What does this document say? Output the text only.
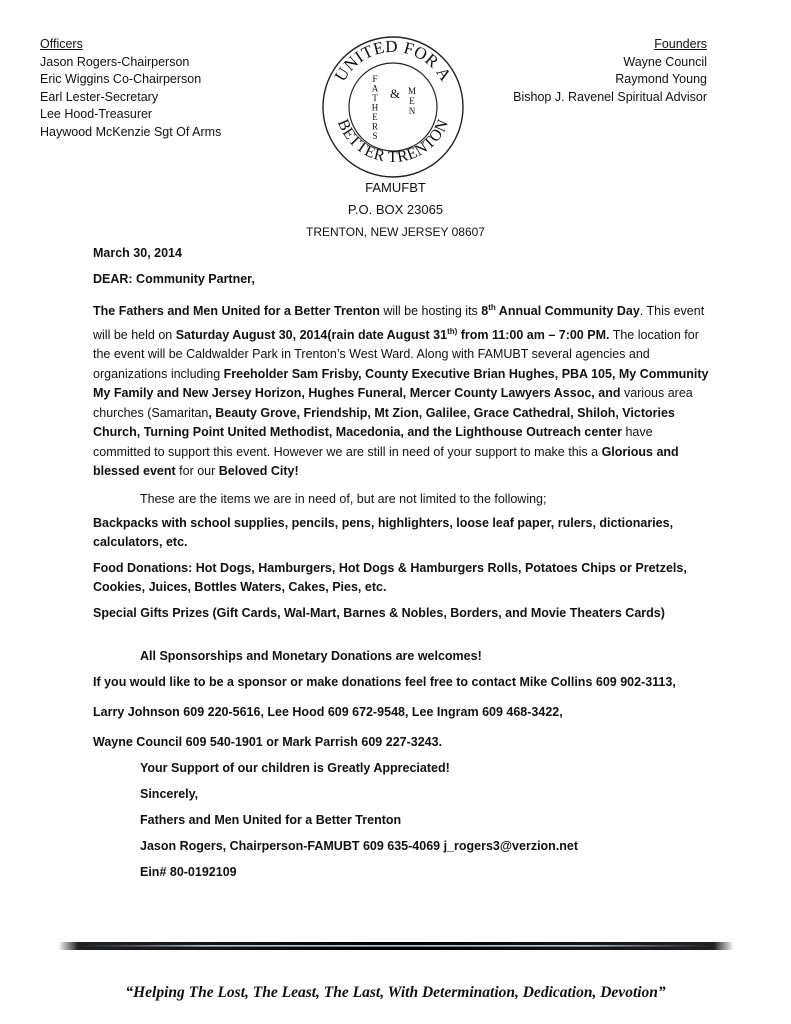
Officers
Jason Rogers-Chairperson
Eric Wiggins Co-Chairperson
Earl Lester-Secretary
Lee Hood-Treasurer
Haywood McKenzie Sgt Of Arms
Founders
Wayne Council
Raymond Young
Bishop J. Ravenel Spiritual Advisor
UNITED FOR A
BETTER TRENTON
F A T H E R S
& M E N
FAMUFBT
P.O. BOX 23065
TRENTON, NEW JERSEY 08607

March 30, 2014

DEAR: Community Partner,

The Fathers and Men United for a Better Trenton will be hosting its 8th Annual Community Day. This event will be held on Saturday August 30, 2014(rain date August $31^{th)}$ from 11:00 am – 7:00 PM. The location for the event will be Caldwalder Park in Trenton’s West Ward. Along with FAMUBT several agencies and organizations including Freeholder Sam Frisby, County Executive Brian Hughes, PBA 105, My Community My Family and New Jersey Horizon, Hughes Funeral, Mercer County Lawyers Assoc, and various area churches (Samaritan, Beauty Grove, Friendship, Mt Zion, Galilee, Grace Cathedral, Shiloh, Victories Church, Turning Point United Methodist, Macedonia, and the Lighthouse Outreach center have committed to support this event. However we are still in need of your support to make this a Glorious and blessed event for our Beloved City!

These are the items we are in need of, but are not limited to the following;

Backpacks with school supplies, pencils, pens, highlighters, loose leaf paper, rulers, dictionaries, calculators, etc.

Food Donations: Hot Dogs, Hamburgers, Hot Dogs & Hamburgers Rolls, Potatoes Chips or Pretzels, Cookies, Juices, Bottles Waters, Cakes, Pies, etc.

Special Gifts Prizes (Gift Cards, Wal-Mart, Barnes & Nobles, Borders, and Movie Theaters Cards)

All Sponsorships and Monetary Donations are welcomes!

If you would like to be a sponsor or make donations feel free to contact Mike Collins 609 902-3113,

Larry Johnson 609 220-5616, Lee Hood 609 672-9548, Lee Ingram 609 468-3422,

Wayne Council 609 540-1901 or Mark Parrish 609 227-3243.

Your Support of our children is Greatly Appreciated!

Sincerely,

Fathers and Men United for a Better Trenton

Jason Rogers, Chairperson-FAMUBT 609 635-4069 j_rogers3@verzion.net

Ein# 80-0192109

“Helping The Lost, The Least, The Last, With Determination, Dedication, Devotion”
